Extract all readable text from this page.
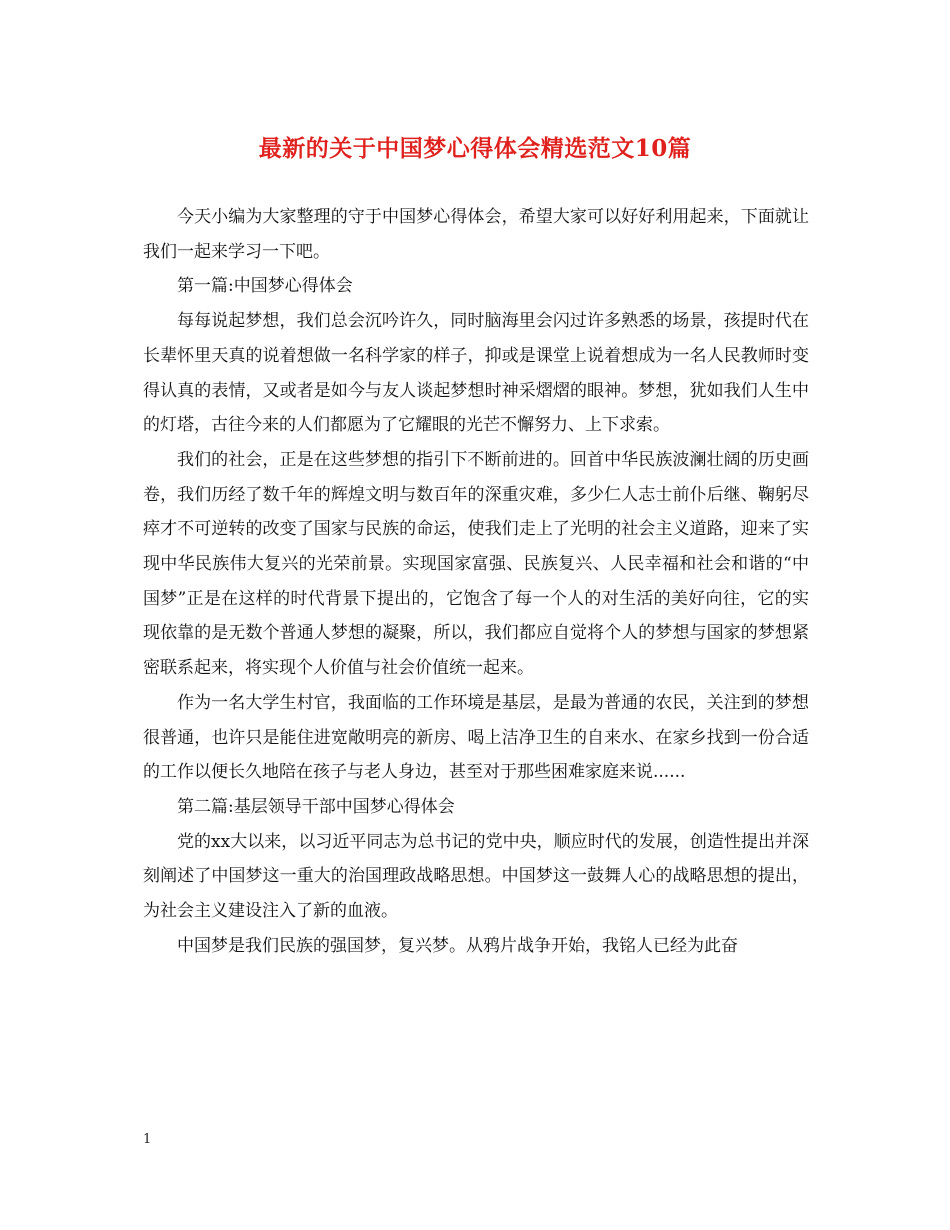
最新的关于中国梦心得体会精选范文10篇

今天小编为大家整理的守于中国梦心得体会，希望大家可以好好利用起来，下面就让我们一起来学习一下吧。

第一篇:中国梦心得体会

每每说起梦想，我们总会沉吟许久，同时脑海里会闪过许多熟悉的场景，孩提时代在长辈怀里天真的说着想做一名科学家的样子，抑或是课堂上说着想成为一名人民教师时变得认真的表情，又或者是如今与友人谈起梦想时神采熠熠的眼神。梦想，犹如我们人生中的灯塔，古往今来的人们都愿为了它耀眼的光芒不懈努力、上下求索。

我们的社会，正是在这些梦想的指引下不断前进的。回首中华民族波澜壮阔的历史画卷，我们历经了数千年的辉煌文明与数百年的深重灾难，多少仁人志士前仆后继、鞠躬尽瘁才不可逆转的改变了国家与民族的命运，使我们走上了光明的社会主义道路，迎来了实现中华民族伟大复兴的光荣前景。实现国家富强、民族复兴、人民幸福和社会和谐的“中国梦”正是在这样的时代背景下提出的，它饱含了每一个人的对生活的美好向往，它的实现依靠的是无数个普通人梦想的凝聚，所以，我们都应自觉将个人的梦想与国家的梦想紧密联系起来，将实现个人价值与社会价值统一起来。

作为一名大学生村官，我面临的工作环境是基层，是最为普通的农民，关注到的梦想很普通，也许只是能住进宽敞明亮的新房、喝上洁净卫生的自来水、在家乡找到一份合适的工作以便长久地陪在孩子与老人身边，甚至对于那些困难家庭来说......

第二篇:基层领导干部中国梦心得体会

党的xx大以来，以习近平同志为总书记的党中央，顺应时代的发展，创造性提出并深刻阐述了中国梦这一重大的治国理政战略思想。中国梦这一鼓舞人心的战略思想的提出，为社会主义建设注入了新的血液。

中国梦是我们民族的强国梦，复兴梦。从鸦片战争开始，我铭人已经为此奋

1
